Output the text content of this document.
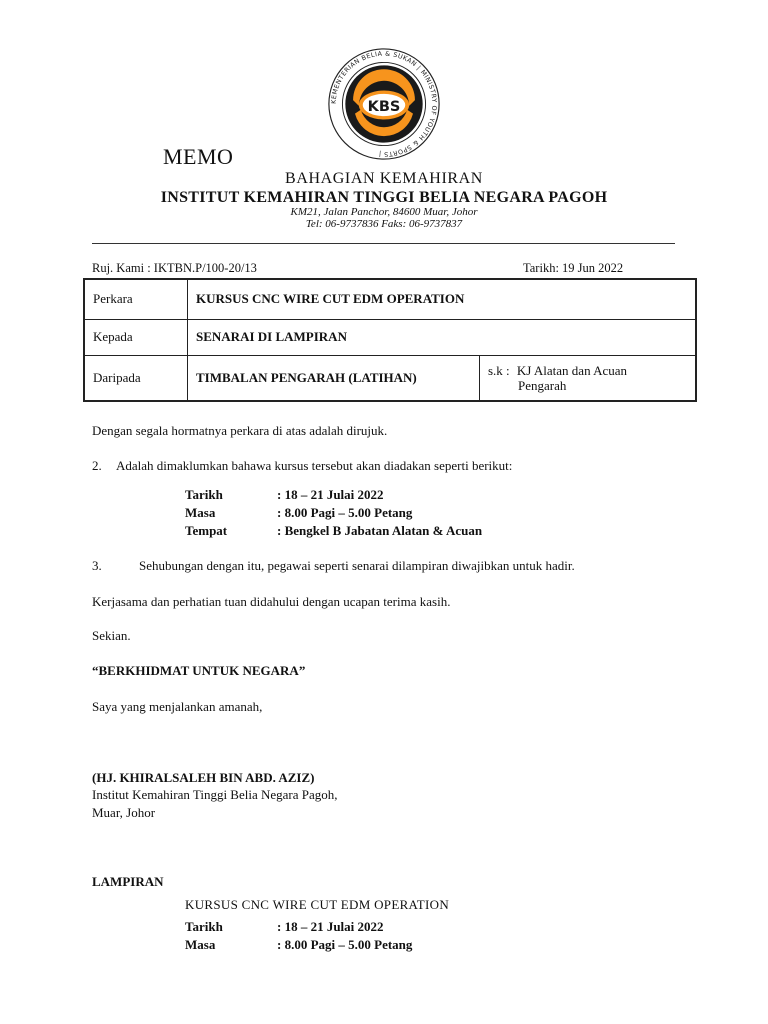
KBS
KEMENTERIAN BELIA & SUKAN | MINISTRY OF YOUTH & SPORTS |
MEMO
BAHAGIAN KEMAHIRAN
INSTITUT KEMAHIRAN TINGGI BELIA NEGARA PAGOH
KM21, Jalan Panchor, 84600 Muar, Johor
Tel: 06-9737836 Faks: 06-9737837
Ruj. Kami : IKTBN.P/100-20/13	Tarikh: 19 Jun 2022
Perkara	KURSUS CNC WIRE CUT EDM OPERATION	
Kepada	SENARAI DI LAMPIRAN	
Daripada	TIMBALAN PENGARAH (LATIHAN)	s.k : KJ Alatan dan Acuan
Pengarah
Dengan segala hormatnya perkara di atas adalah dirujuk.
2. Adalah dimaklumkan bahawa kursus tersebut akan diadakan seperti berikut:
Tarikh	: 18 – 21 Julai 2022
Masa	: 8.00 Pagi – 5.00 Petang
Tempat	: Bengkel B Jabatan Alatan & Acuan
3.	Sehubungan dengan itu, pegawai seperti senarai dilampiran diwajibkan untuk hadir.
Kerjasama dan perhatian tuan didahului dengan ucapan terima kasih.
Sekian.
“BERKHIDMAT UNTUK NEGARA”
Saya yang menjalankan amanah,
(HJ. KHIRALSALEH BIN ABD. AZIZ)
Institut Kemahiran Tinggi Belia Negara Pagoh,
Muar, Johor
LAMPIRAN
KURSUS CNC WIRE CUT EDM OPERATION
Tarikh	: 18 – 21 Julai 2022
Masa	: 8.00 Pagi – 5.00 Petang
